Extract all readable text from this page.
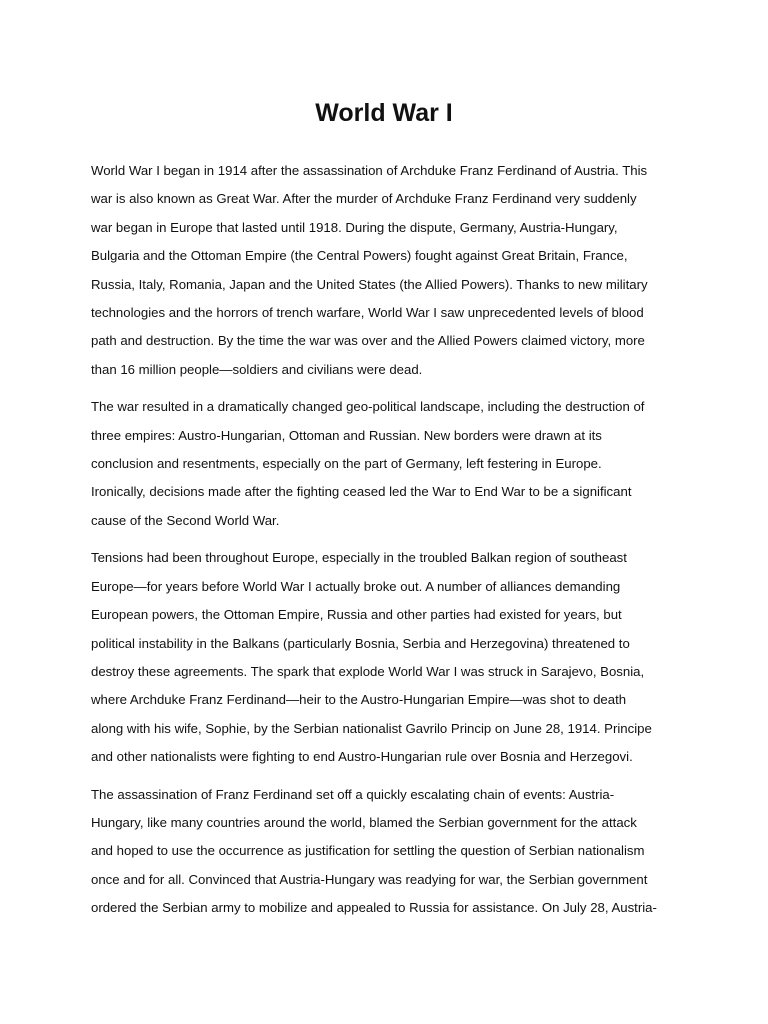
World War I

World War I began in 1914 after the assassination of Archduke Franz Ferdinand of Austria. This
war is also known as Great War. After the murder of Archduke Franz Ferdinand very suddenly
war began in Europe that lasted until 1918. During the dispute, Germany, Austria-Hungary,
Bulgaria and the Ottoman Empire (the Central Powers) fought against Great Britain, France,
Russia, Italy, Romania, Japan and the United States (the Allied Powers). Thanks to new military
technologies and the horrors of trench warfare, World War I saw unprecedented levels of blood
path and destruction. By the time the war was over and the Allied Powers claimed victory, more
than 16 million people—soldiers and civilians were dead.

The war resulted in a dramatically changed geo-political landscape, including the destruction of
three empires: Austro-Hungarian, Ottoman and Russian. New borders were drawn at its
conclusion and resentments, especially on the part of Germany, left festering in Europe.
Ironically, decisions made after the fighting ceased led the War to End War to be a significant
cause of the Second World War.

Tensions had been throughout Europe, especially in the troubled Balkan region of southeast
Europe—for years before World War I actually broke out. A number of alliances demanding
European powers, the Ottoman Empire, Russia and other parties had existed for years, but
political instability in the Balkans (particularly Bosnia, Serbia and Herzegovina) threatened to
destroy these agreements. The spark that explode World War I was struck in Sarajevo, Bosnia,
where Archduke Franz Ferdinand—heir to the Austro-Hungarian Empire—was shot to death
along with his wife, Sophie, by the Serbian nationalist Gavrilo Princip on June 28, 1914. Principe
and other nationalists were fighting to end Austro-Hungarian rule over Bosnia and Herzegovi.

The assassination of Franz Ferdinand set off a quickly escalating chain of events: Austria-
Hungary, like many countries around the world, blamed the Serbian government for the attack
and hoped to use the occurrence as justification for settling the question of Serbian nationalism
once and for all. Convinced that Austria-Hungary was readying for war, the Serbian government
ordered the Serbian army to mobilize and appealed to Russia for assistance. On July 28, Austria-
